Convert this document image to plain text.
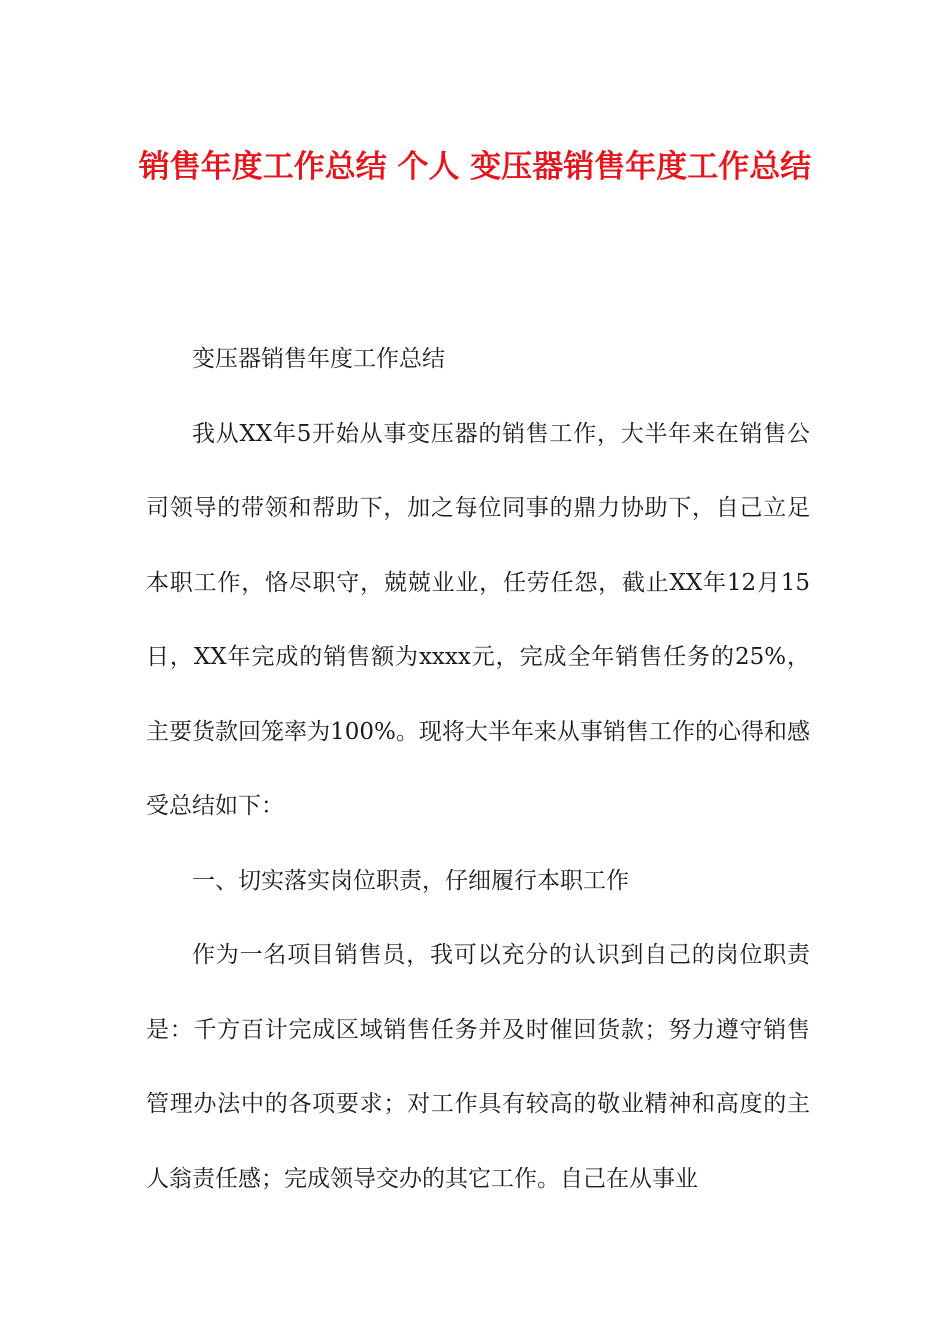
销售年度工作总结 个人 变压器销售年度工作总结

变压器销售年度工作总结

我从XX年5开始从事变压器的销售工作，大半年来在销售公司领导的带领和帮助下，加之每位同事的鼎力协助下，自己立足本职工作，恪尽职守，兢兢业业，任劳任怨，截止XX年12月15日，XX年完成的销售额为xxxx元，完成全年销售任务的25%，主要货款回笼率为100%。现将大半年来从事销售工作的心得和感受总结如下：

一、切实落实岗位职责，仔细履行本职工作

作为一名项目销售员，我可以充分的认识到自己的岗位职责是：千方百计完成区域销售任务并及时催回货款；努力遵守销售管理办法中的各项要求；对工作具有较高的敬业精神和高度的主人翁责任感；完成领导交办的其它工作。自己在从事业
